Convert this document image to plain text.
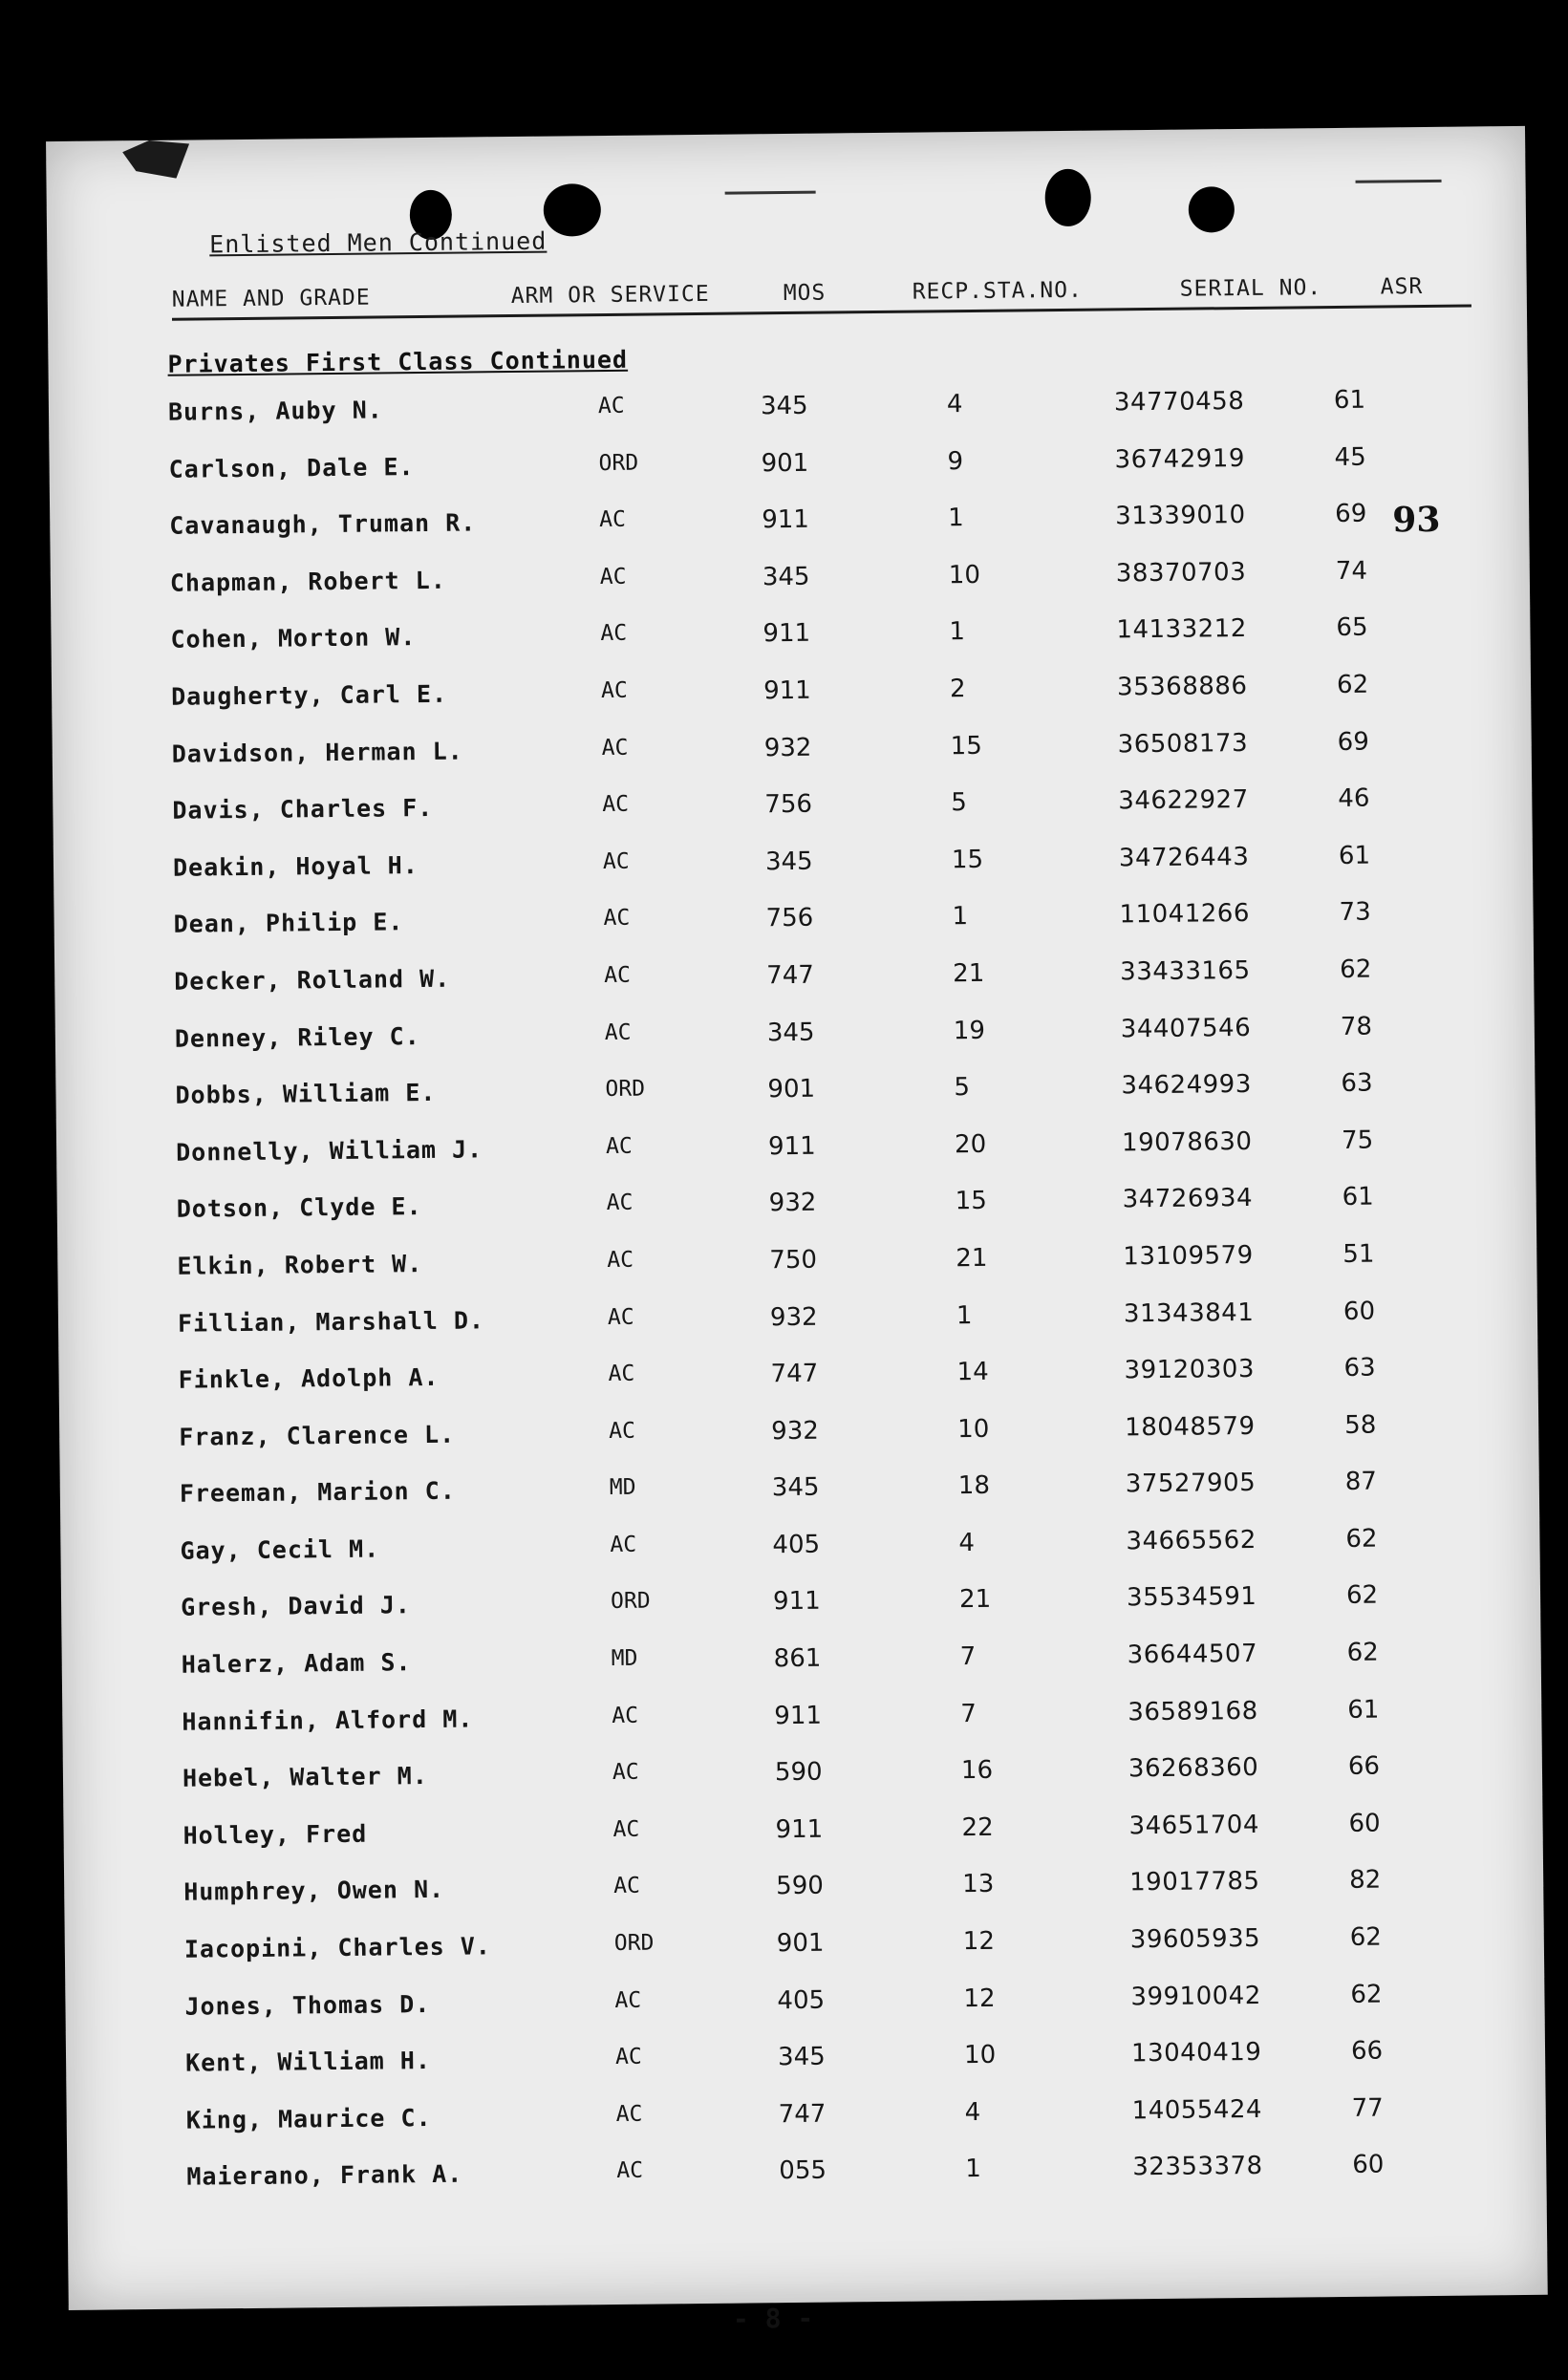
Enlisted Men Continued
NAME AND GRADE	ARM OR SERVICE	MOS	RECP.STA.NO.	SERIAL NO.	ASR
Privates First Class Continued
Burns, Auby N.	AC	345	4	34770458	61
Carlson, Dale E.	ORD	901	9	36742919	45
Cavanaugh, Truman R.	AC	911	1	31339010	69
Chapman, Robert L.	AC	345	10	38370703	74
Cohen, Morton W.	AC	911	1	14133212	65
Daugherty, Carl E.	AC	911	2	35368886	62
Davidson, Herman L.	AC	932	15	36508173	69
Davis, Charles F.	AC	756	5	34622927	46
Deakin, Hoyal H.	AC	345	15	34726443	61
Dean, Philip E.	AC	756	1	11041266	73
Decker, Rolland W.	AC	747	21	33433165	62
Denney, Riley C.	AC	345	19	34407546	78
Dobbs, William E.	ORD	901	5	34624993	63
Donnelly, William J.	AC	911	20	19078630	75
Dotson, Clyde E.	AC	932	15	34726934	61
Elkin, Robert W.	AC	750	21	13109579	51
Fillian, Marshall D.	AC	932	1	31343841	60
Finkle, Adolph A.	AC	747	14	39120303	63
Franz, Clarence L.	AC	932	10	18048579	58
Freeman, Marion C.	MD	345	18	37527905	87
Gay, Cecil M.	AC	405	4	34665562	62
Gresh, David J.	ORD	911	21	35534591	62
Halerz, Adam S.	MD	861	7	36644507	62
Hannifin, Alford M.	AC	911	7	36589168	61
Hebel, Walter M.	AC	590	16	36268360	66
Holley, Fred	AC	911	22	34651704	60
Humphrey, Owen N.	AC	590	13	19017785	82
Iacopini, Charles V.	ORD	901	12	39605935	62
Jones, Thomas D.	AC	405	12	39910042	62
Kent, William H.	AC	345	10	13040419	66
King, Maurice C.	AC	747	4	14055424	77
Maierano, Frank A.	AC	055	1	32353378	60
93
- 8 -
